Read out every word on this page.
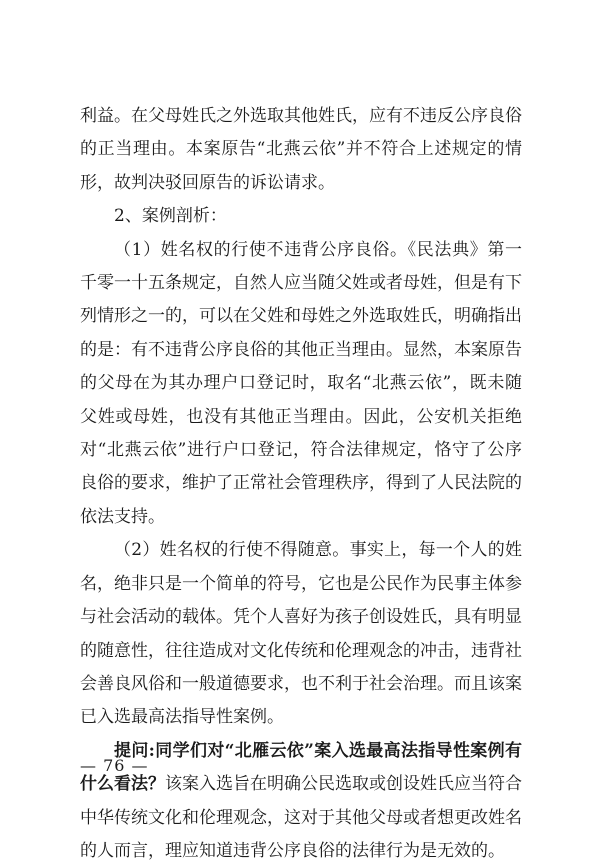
利益。在父母姓氏之外选取其他姓氏，应有不违反公序良俗的正当理由。本案原告“北燕云依”并不符合上述规定的情形，故判决驳回原告的诉讼请求。

2、案例剖析：

（1）姓名权的行使不违背公序良俗。《民法典》第一千零一十五条规定，自然人应当随父姓或者母姓，但是有下列情形之一的，可以在父姓和母姓之外选取姓氏，明确指出的是：有不违背公序良俗的其他正当理由。显然，本案原告的父母在为其办理户口登记时，取名“北燕云依”，既未随父姓或母姓，也没有其他正当理由。因此，公安机关拒绝对“北燕云依”进行户口登记，符合法律规定，恪守了公序良俗的要求，维护了正常社会管理秩序，得到了人民法院的依法支持。

（2）姓名权的行使不得随意。事实上，每一个人的姓名，绝非只是一个简单的符号，它也是公民作为民事主体参与社会活动的载体。凭个人喜好为孩子创设姓氏，具有明显的随意性，往往造成对文化传统和伦理观念的冲击，违背社会善良风俗和一般道德要求，也不利于社会治理。而且该案已入选最高法指导性案例。

提问:同学们对“北雁云依”案入选最高法指导性案例有什么看法？该案入选旨在明确公民选取或创设姓氏应当符合中华传统文化和伦理观念，这对于其他父母或者想更改姓名的人而言，理应知道违背公序良俗的法律行为是无效的。

— 76 —
